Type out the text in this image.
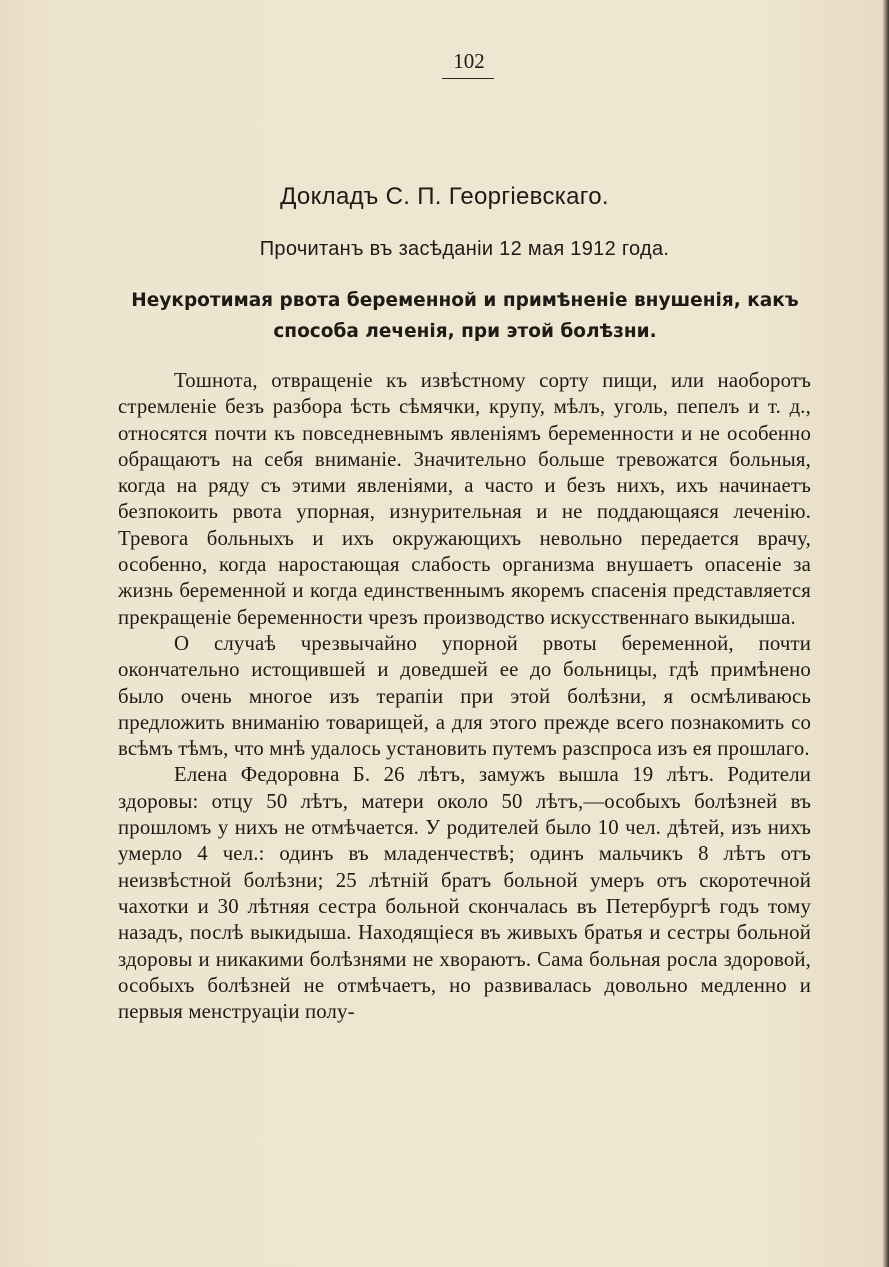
102
Докладъ С. П. Георгіевскаго.
Прочитанъ въ засѣданіи 12 мая 1912 года.
Неукротимая рвота беременной и примѣненіе внушенія, какъ способа леченія, при этой болѣзни.

Тошнота, отвращеніе къ извѣстному сорту пищи, или наоборотъ стремленіе безъ разбора ѣсть сѣмячки, крупу, мѣлъ, уголь, пепелъ и т. д., относятся почти къ повседневнымъ явленіямъ беременности и не особенно обращаютъ на себя вниманіе. Значительно больше тревожатся больныя, когда на ряду съ этими явленіями, а часто и безъ нихъ, ихъ начинаетъ безпокоить рвота упорная, изнурительная и не поддающаяся леченію. Тревога больныхъ и ихъ окружающихъ невольно передается врачу, особенно, когда наростающая слабость организма внушаетъ опасеніе за жизнь беременной и когда единственнымъ якоремъ спасенія представляется прекращеніе беременности чрезъ производство искусственнаго выкидыша.

О случаѣ чрезвычайно упорной рвоты беременной, почти окончательно истощившей и доведшей ее до больницы, гдѣ примѣнено было очень многое изъ терапіи при этой болѣзни, я осмѣливаюсь предложить вниманію товарищей, а для этого прежде всего познакомить со всѣмъ тѣмъ, что мнѣ удалось установить путемъ разспроса изъ ея прошлаго.

Елена Федоровна Б. 26 лѣтъ, замужъ вышла 19 лѣтъ. Родители здоровы: отцу 50 лѣтъ, матери около 50 лѣтъ,—особыхъ болѣзней въ прошломъ у нихъ не отмѣчается. У родителей было 10 чел. дѣтей, изъ нихъ умерло 4 чел.: одинъ въ младенчествѣ; одинъ мальчикъ 8 лѣтъ отъ неизвѣстной болѣзни; 25 лѣтній братъ больной умеръ отъ скоротечной чахотки и 30 лѣтняя сестра больной скончалась въ Петербургѣ годъ тому назадъ, послѣ выкидыша. Находящіеся въ живыхъ братья и сестры больной здоровы и никакими болѣзнями не хвораютъ. Сама больная росла здоровой, особыхъ болѣзней не отмѣчаетъ, но развивалась довольно медленно и первыя менструаціи полу-
